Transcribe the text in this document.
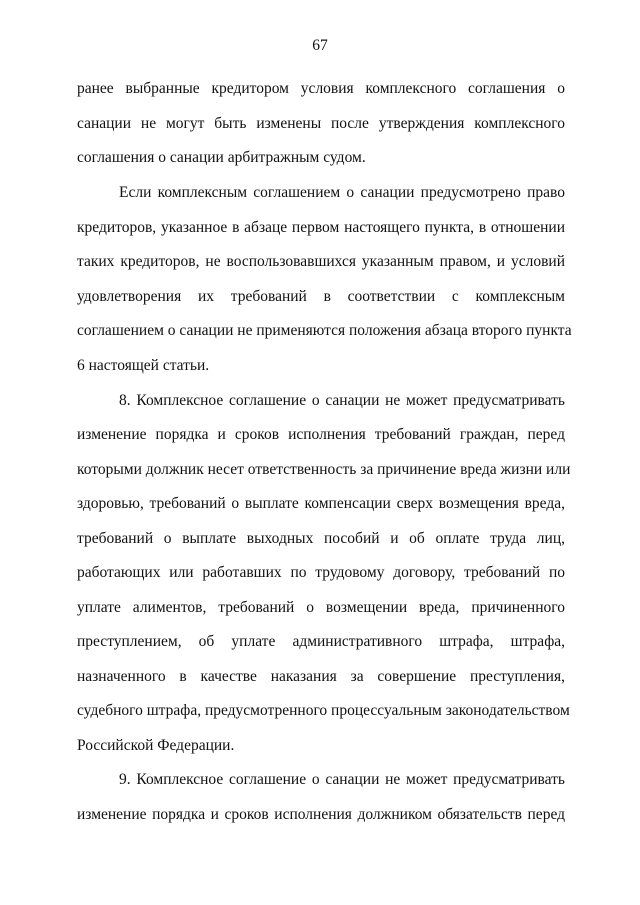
67
ранее выбранные кредитором условия комплексного соглашения о
санации не могут быть изменены после утверждения комплексного
соглашения о санации арбитражным судом.
Если комплексным соглашением о санации предусмотрено право
кредиторов, указанное в абзаце первом настоящего пункта, в отношении
таких кредиторов, не воспользовавшихся указанным правом, и условий
удовлетворения их требований в соответствии с комплексным
соглашением о санации не применяются положения абзаца второго пункта
6 настоящей статьи.
8. Комплексное соглашение о санации не может предусматривать
изменение порядка и сроков исполнения требований граждан, перед
которыми должник несет ответственность за причинение вреда жизни или
здоровью, требований о выплате компенсации сверх возмещения вреда,
требований о выплате выходных пособий и об оплате труда лиц,
работающих или работавших по трудовому договору, требований по
уплате алиментов, требований о возмещении вреда, причиненного
преступлением, об уплате административного штрафа, штрафа,
назначенного в качестве наказания за совершение преступления,
судебного штрафа, предусмотренного процессуальным законодательством
Российской Федерации.
9. Комплексное соглашение о санации не может предусматривать
изменение порядка и сроков исполнения должником обязательств перед
